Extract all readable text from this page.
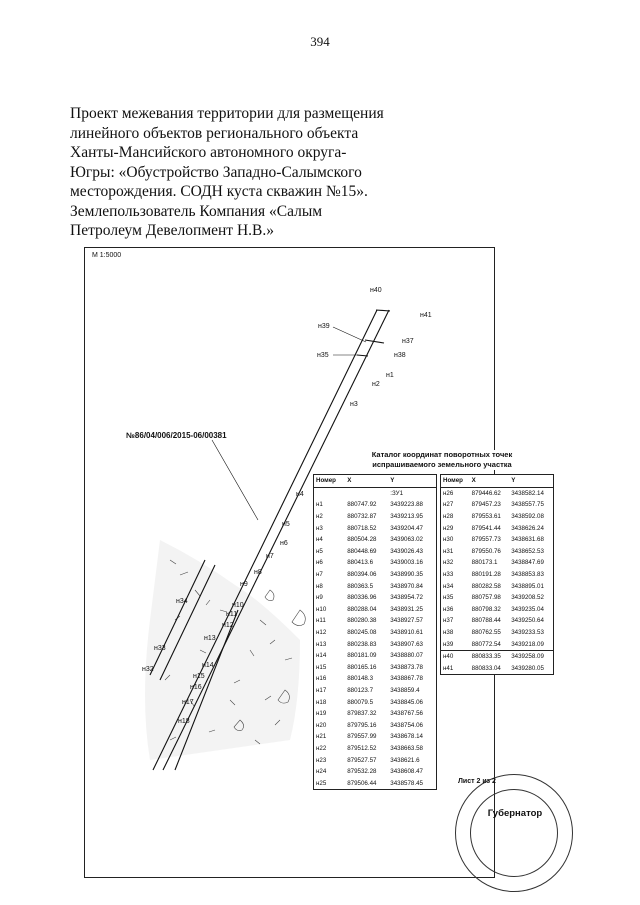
394

Проект межевания территории для размещения

линейного объектов регионального объекта

Ханты-Мансийского автономного округа-

Югры: «Обустройство Западно-Салымского

месторождения. СОДН куста скважин №15».

Землепользователь Компания «Салым

Петролеум Девелопмент Н.В.»

М 1:5000
н40
н41
н39
н37
н35	н38
н1
н2
н3
н4
н5
н6
н7
н8
н9
н10
н11
н12
н13
н14
н15
н16
н17
н18
н32
н33
н34
№86/04/006/2015-06/00381
Каталог координат поворотных точек
испрашиваемого земельного участка
Номер	X	Y
		:ЗУ1
н1	880747.92	3439223.88
н2	880732.87	3439213.95
н3	880718.52	3439204.47
н4	880504.28	3439063.02
н5	880448.69	3439026.43
н6	880413.6	3439003.16
н7	880394.06	3438990.35
н8	880363.5	3438970.84
н9	880336.96	3438954.72
н10	880288.04	3438931.25
н11	880280.38	3438927.57
н12	880245.08	3438910.61
н13	880238.83	3438907.63
н14	880181.09	3438880.07
н15	880165.16	3438873.78
н16	880148.3	3438867.78
н17	880123.7	3438859.4
н18	880079.5	3438845.06
н19	879837.32	3438767.56
н20	879795.16	3438754.06
н21	879557.99	3438678.14
н22	879512.52	3438663.58
н23	879527.57	3438621.6
н24	879532.28	3438608.47
н25	879506.44	3438578.45
Номер	X	Y
н26	879446.62	3438582.14
н27	879457.23	3438557.75
н28	879553.61	3438592.08
н29	879541.44	3438626.24
н30	879557.73	3438631.68
н31	879550.76	3438652.53
н32	880173.1	3438847.69
н33	880191.28	3438853.83
н34	880282.58	3438895.01
н35	880757.98	3439208.52
н36	880798.32	3439235.04
н37	880788.44	3439250.64
н38	880762.55	3439233.53
н39	880772.54	3439218.09
н40	880833.35	3439258.09
н41	880833.04	3439280.05
Лист 2 из 2
Губернатор
